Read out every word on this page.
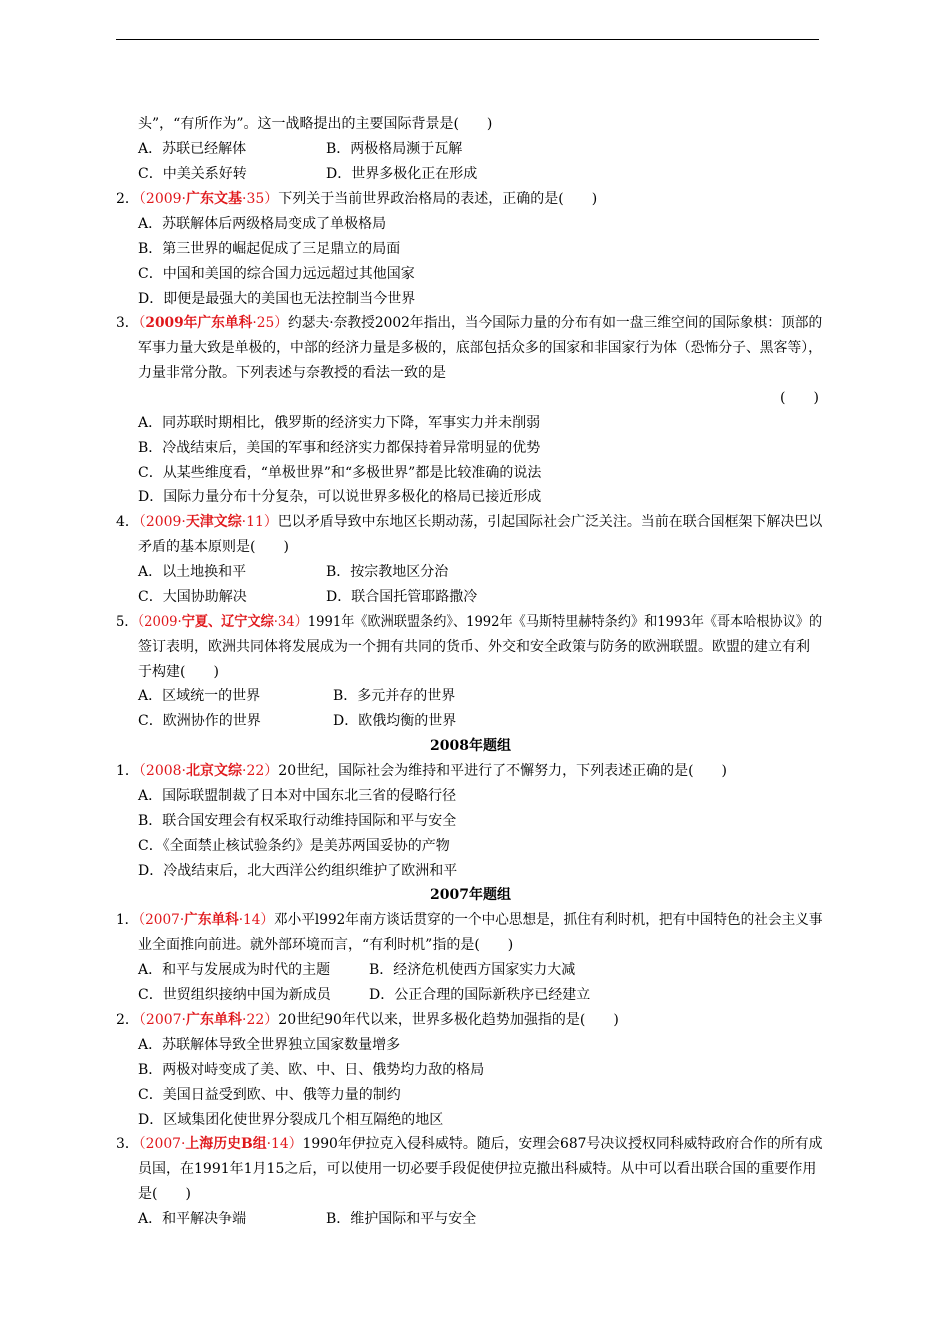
头”，“有所作为”。这一战略提出的主要国际背景是(　　)
A．苏联已经解体	B．两极格局濒于瓦解
C．中美关系好转	D．世界多极化正在形成
2．（2009·广东文基·35）下列关于当前世界政治格局的表述，正确的是(　　)
A．苏联解体后两级格局变成了单极格局
B．第三世界的崛起促成了三足鼎立的局面
C．中国和美国的综合国力远远超过其他国家
D．即便是最强大的美国也无法控制当今世界
3．（2009年广东单科·25）约瑟夫·奈教授2002年指出，当今国际力量的分布有如一盘三维空间的国际象棋：顶部的
军事力量大致是单极的，中部的经济力量是多极的，底部包括众多的国家和非国家行为体（恐怖分子、黑客等），
力量非常分散。下列表述与奈教授的看法一致的是
(　　)
A．同苏联时期相比，俄罗斯的经济实力下降，军事实力并未削弱
B．冷战结束后，美国的军事和经济实力都保持着异常明显的优势
C．从某些维度看，“单极世界”和“多极世界”都是比较准确的说法
D．国际力量分布十分复杂，可以说世界多极化的格局已接近形成
4．（2009·天津文综·11）巴以矛盾导致中东地区长期动荡，引起国际社会广泛关注。当前在联合国框架下解决巴以
矛盾的基本原则是(　　)
A．以土地换和平	B．按宗教地区分治
C．大国协助解决	D．联合国托管耶路撒冷
5．（2009·宁夏、辽宁文综·34）1991年《欧洲联盟条约》、1992年《马斯特里赫特条约》和1993年《哥本哈根协议》的
签订表明，欧洲共同体将发展成为一个拥有共同的货币、外交和安全政策与防务的欧洲联盟。欧盟的建立有利
于构建(　　)
A．区域统一的世界	B．多元并存的世界
C．欧洲协作的世界	D．欧俄均衡的世界
2008年题组
1．（2008·北京文综·22）20世纪，国际社会为维持和平进行了不懈努力，下列表述正确的是(　　)
A．国际联盟制裁了日本对中国东北三省的侵略行径
B．联合国安理会有权采取行动维持国际和平与安全
C．《全面禁止核试验条约》是美苏两国妥协的产物
D．冷战结束后，北大西洋公约组织维护了欧洲和平
2007年题组
1．（2007·广东单科·14）邓小平l992年南方谈话贯穿的一个中心思想是，抓住有利时机，把有中国特色的社会主义事
业全面推向前进。就外部环境而言，“有利时机”指的是(　　)
A．和平与发展成为时代的主题	B．经济危机使西方国家实力大减
C．世贸组织接纳中国为新成员	D．公正合理的国际新秩序已经建立
2．（2007·广东单科·22）20世纪90年代以来，世界多极化趋势加强指的是(　　)
A．苏联解体导致全世界独立国家数量增多
B．两极对峙变成了美、欧、中、日、俄势均力敌的格局
C．美国日益受到欧、中、俄等力量的制约
D．区域集团化使世界分裂成几个相互隔绝的地区
3．（2007·上海历史B组·14）1990年伊拉克入侵科威特。随后，安理会687号决议授权同科威特政府合作的所有成
员国，在1991年1月15之后，可以使用一切必要手段促使伊拉克撤出科威特。从中可以看出联合国的重要作用
是(　　)
A．和平解决争端	B．维护国际和平与安全
